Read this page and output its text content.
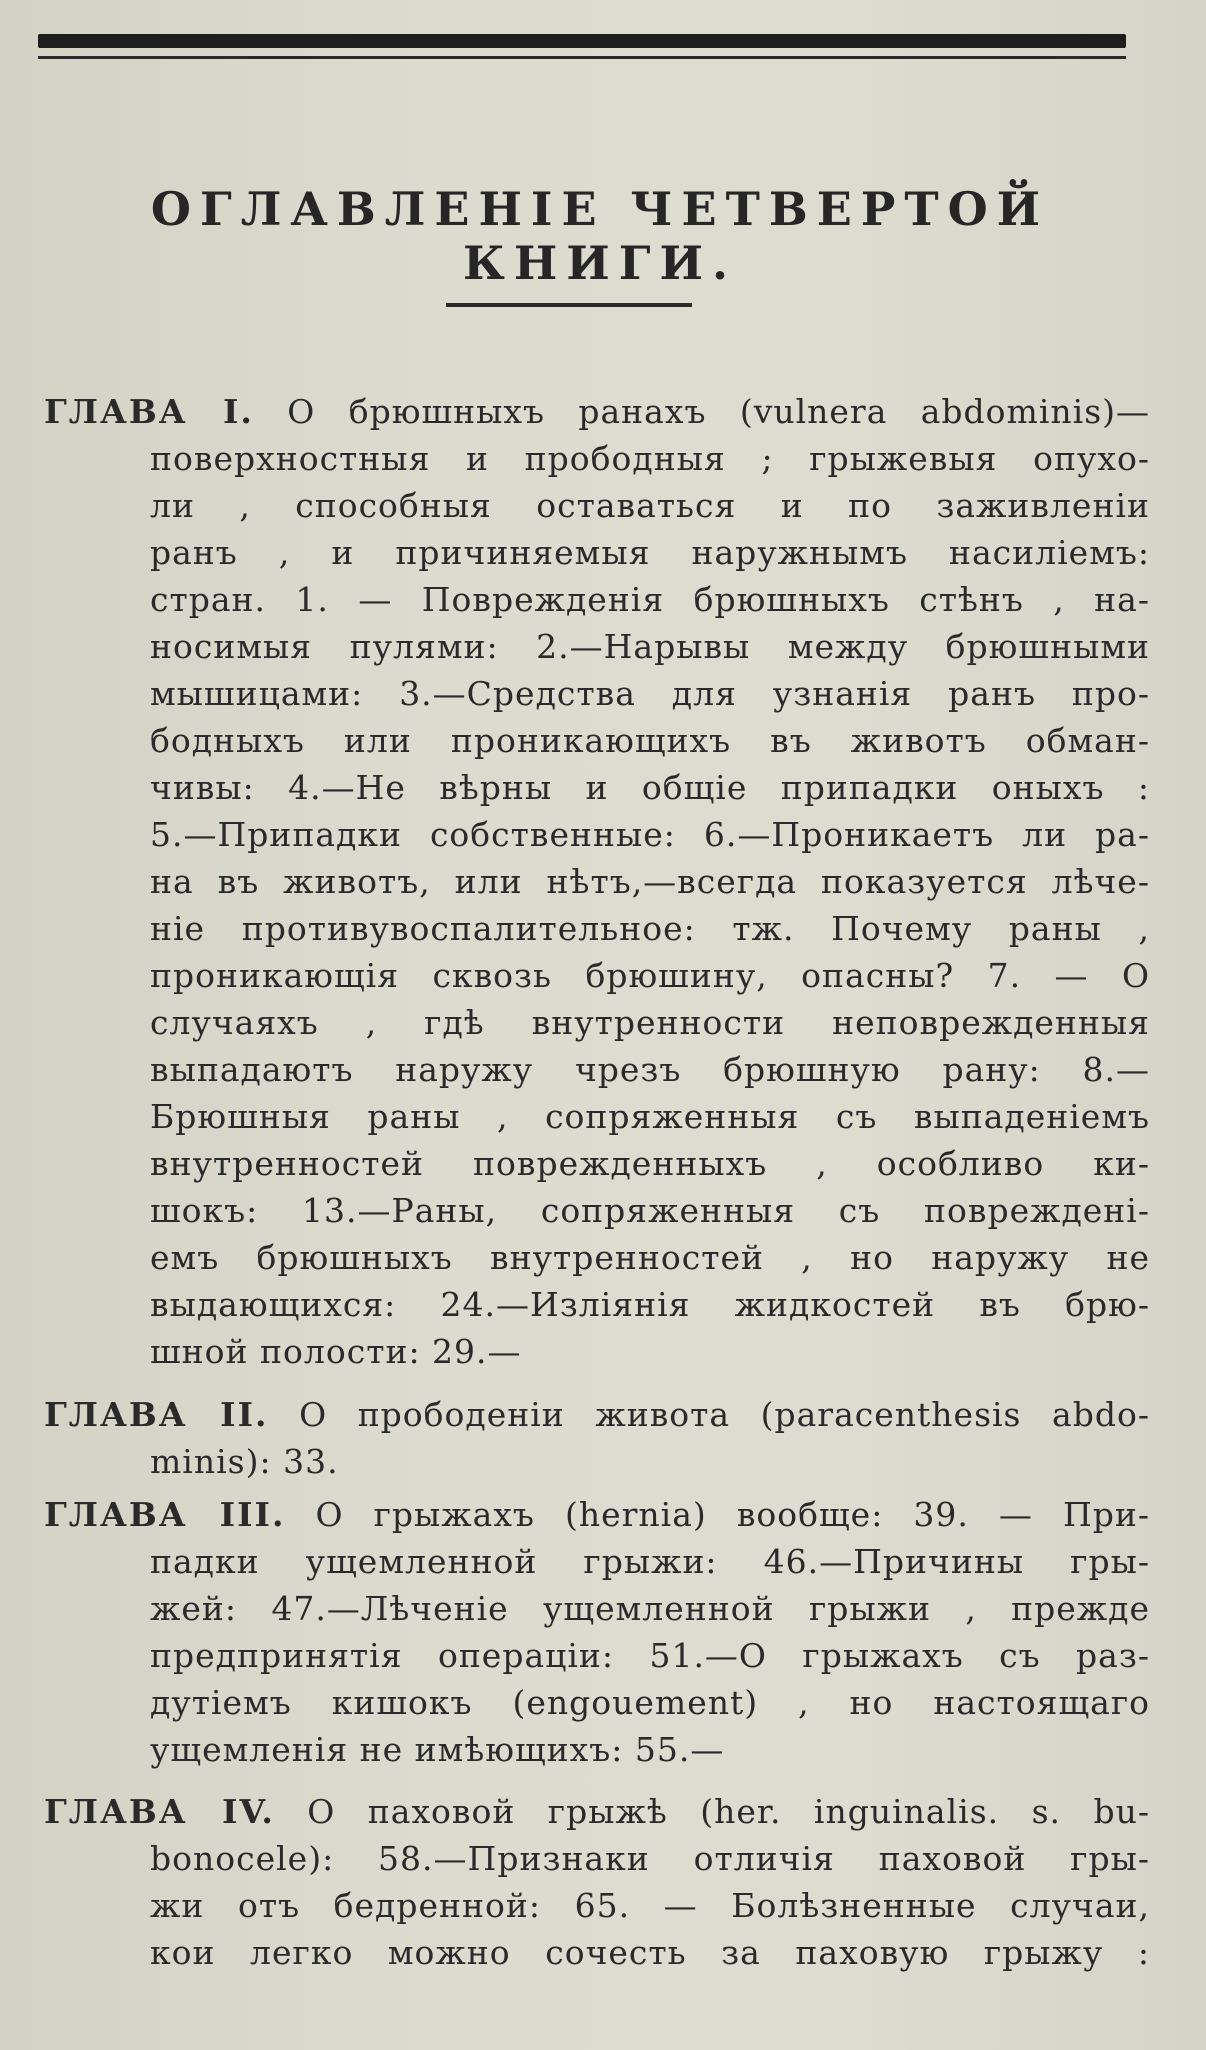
ОГЛАВЛЕНІЕ ЧЕТВЕРТОЙ КНИГИ.
ГЛАВА I. О брюшныхъ ранахъ (vulnera abdominis)—
поверхностныя и прободныя ; грыжевыя опухо-
ли , способныя оставаться и по заживленіи
ранъ , и причиняемыя наружнымъ насиліемъ:
стран. 1. — Поврежденія брюшныхъ стѣнъ , на-
носимыя пулями: 2.—Нарывы между брюшными
мышицами: 3.—Средства для узнанія ранъ про-
бодныхъ или проникающихъ въ животъ обман-
чивы: 4.—Не вѣрны и общіе припадки оныхъ :
5.—Припадки собственные: 6.—Проникаетъ ли ра-
на въ животъ, или нѣтъ,—всегда показуется лѣче-
ніе противувоспалительное: тж. Почему раны ,
проникающія сквозь брюшину, опасны? 7. — О
случаяхъ , гдѣ внутренности неповрежденныя
выпадаютъ наружу чрезъ брюшную рану: 8.—
Брюшныя раны , сопряженныя съ выпаденіемъ
внутренностей поврежденныхъ , особливо ки-
шокъ: 13.—Раны, сопряженныя съ поврежденi-
емъ брюшныхъ внутренностей , но наружу не
выдающихся: 24.—Изліянія жидкостей въ брю-
шной полости: 29.—
ГЛАВА II. О прободеніи живота (paracenthesis abdo-
minis): 33.
ГЛАВА III. О грыжахъ (hernia) вообще: 39. — При-
падки ущемленной грыжи: 46.—Причины гры-
жей: 47.—Лѣченіе ущемленной грыжи , прежде
предпринятія операціи: 51.—О грыжахъ съ раз-
дутіемъ кишокъ (engouement) , но настоящаго
ущемленія не имѣющихъ: 55.—
ГЛАВА IV. О паховой грыжѣ (her. inguinalis. s. bu-
bonocele): 58.—Признаки отличія паховой гры-
жи отъ бедренной: 65. — Болѣзненные случаи,
кои легко можно сочесть за паховую грыжу :
